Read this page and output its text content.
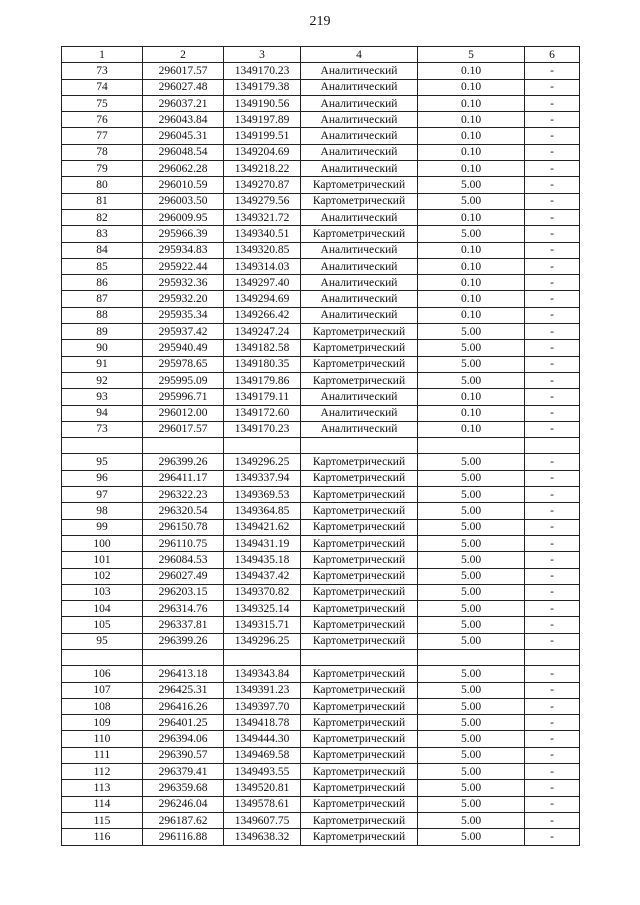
219
1	2	3	4	5	6
73	296017.57	1349170.23	Аналитический	0.10	-
74	296027.48	1349179.38	Аналитический	0.10	-
75	296037.21	1349190.56	Аналитический	0.10	-
76	296043.84	1349197.89	Аналитический	0.10	-
77	296045.31	1349199.51	Аналитический	0.10	-
78	296048.54	1349204.69	Аналитический	0.10	-
79	296062.28	1349218.22	Аналитический	0.10	-
80	296010.59	1349270.87	Картометрический	5.00	-
81	296003.50	1349279.56	Картометрический	5.00	-
82	296009.95	1349321.72	Аналитический	0.10	-
83	295966.39	1349340.51	Картометрический	5.00	-
84	295934.83	1349320.85	Аналитический	0.10	-
85	295922.44	1349314.03	Аналитический	0.10	-
86	295932.36	1349297.40	Аналитический	0.10	-
87	295932.20	1349294.69	Аналитический	0.10	-
88	295935.34	1349266.42	Аналитический	0.10	-
89	295937.42	1349247.24	Картометрический	5.00	-
90	295940.49	1349182.58	Картометрический	5.00	-
91	295978.65	1349180.35	Картометрический	5.00	-
92	295995.09	1349179.86	Картометрический	5.00	-
93	295996.71	1349179.11	Аналитический	0.10	-
94	296012.00	1349172.60	Аналитический	0.10	-
73	296017.57	1349170.23	Аналитический	0.10	-

95	296399.26	1349296.25	Картометрический	5.00	-
96	296411.17	1349337.94	Картометрический	5.00	-
97	296322.23	1349369.53	Картометрический	5.00	-
98	296320.54	1349364.85	Картометрический	5.00	-
99	296150.78	1349421.62	Картометрический	5.00	-
100	296110.75	1349431.19	Картометрический	5.00	-
101	296084.53	1349435.18	Картометрический	5.00	-
102	296027.49	1349437.42	Картометрический	5.00	-
103	296203.15	1349370.82	Картометрический	5.00	-
104	296314.76	1349325.14	Картометрический	5.00	-
105	296337.81	1349315.71	Картометрический	5.00	-
95	296399.26	1349296.25	Картометрический	5.00	-

106	296413.18	1349343.84	Картометрический	5.00	-
107	296425.31	1349391.23	Картометрический	5.00	-
108	296416.26	1349397.70	Картометрический	5.00	-
109	296401.25	1349418.78	Картометрический	5.00	-
110	296394.06	1349444.30	Картометрический	5.00	-
111	296390.57	1349469.58	Картометрический	5.00	-
112	296379.41	1349493.55	Картометрический	5.00	-
113	296359.68	1349520.81	Картометрический	5.00	-
114	296246.04	1349578.61	Картометрический	5.00	-
115	296187.62	1349607.75	Картометрический	5.00	-
116	296116.88	1349638.32	Картометрический	5.00	-
